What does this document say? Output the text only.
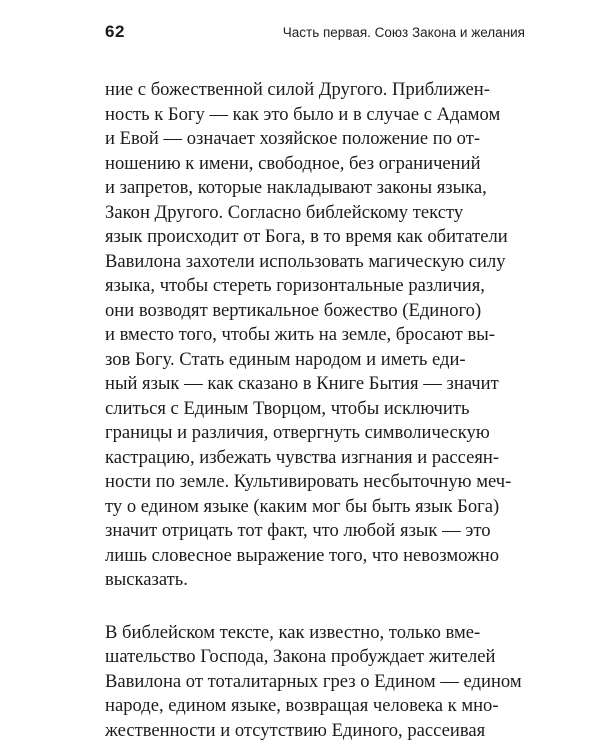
62	Часть первая. Союз Закона и желания
ние с божественной силой Другого. Приближен-
ность к Богу — как это было и в случае с Адамом
и Евой — означает хозяйское положение по от-
ношению к имени, свободное, без ограничений
и запретов, которые накладывают законы языка,
Закон Другого. Согласно библейскому тексту
язык происходит от Бога, в то время как обитатели
Вавилона захотели использовать магическую силу
языка, чтобы стереть горизонтальные различия,
они возводят вертикальное божество (Единого)
и вместо того, чтобы жить на земле, бросают вы-
зов Богу. Стать единым народом и иметь еди-
ный язык — как сказано в Книге Бытия — значит
слиться с Единым Творцом, чтобы исключить
границы и различия, отвергнуть символическую
кастрацию, избежать чувства изгнания и рассеян-
ности по земле. Культивировать несбыточную меч-
ту о едином языке (каким мог бы быть язык Бога)
значит отрицать тот факт, что любой язык — это
лишь словесное выражение того, что невозможно
высказать.
В библейском тексте, как известно, только вме-
шательство Господа, Закона пробуждает жителей
Вавилона от тоталитарных грез о Едином — едином
народе, едином языке, возвращая человека к мно-
жественности и отсутствию Единого, рассеивая
